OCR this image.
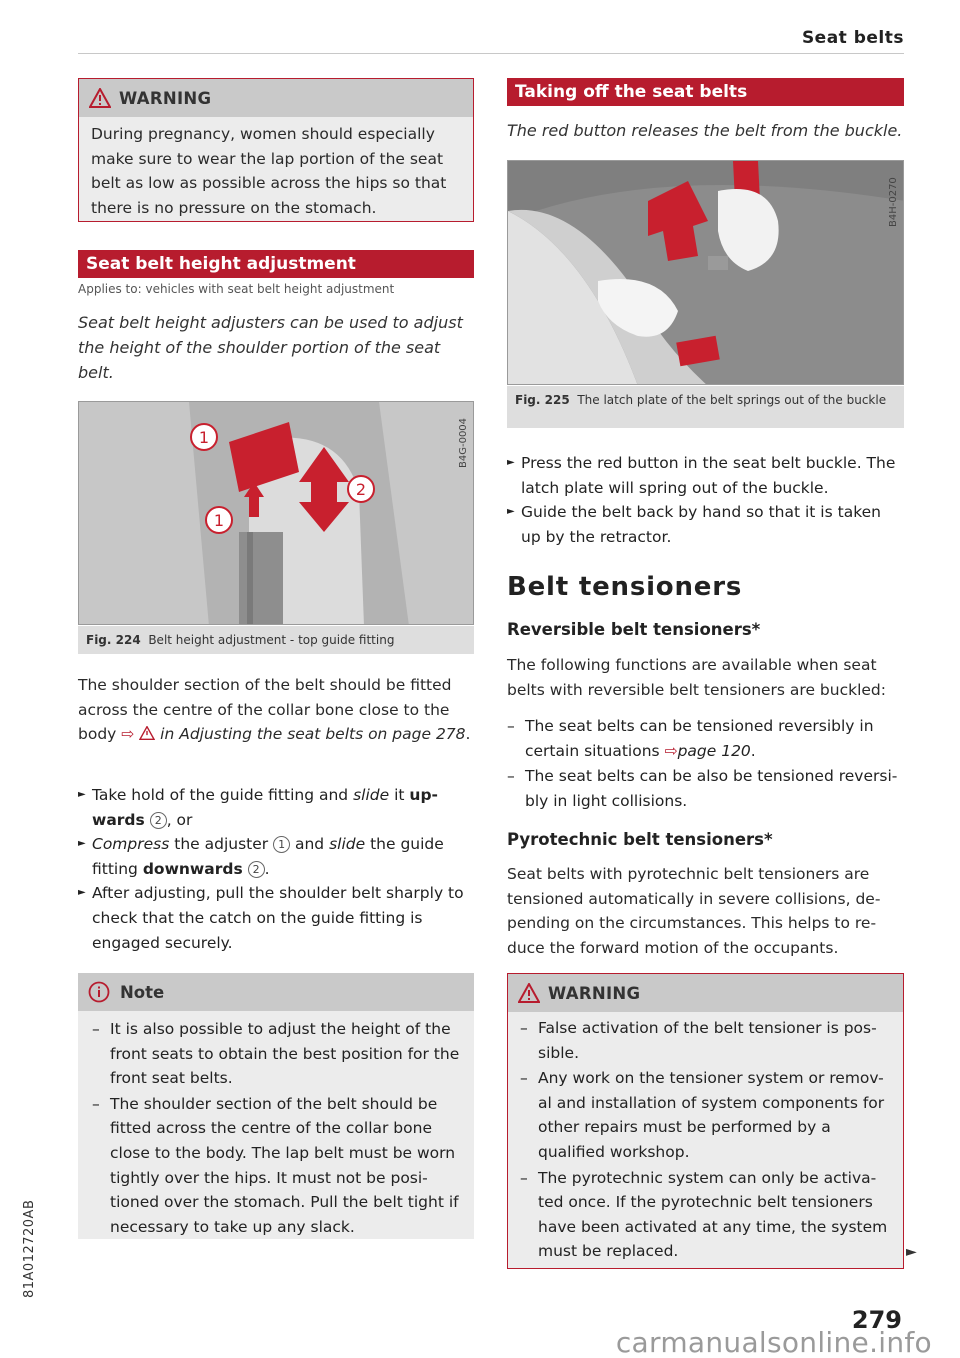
Seat belts
WARNING
During pregnancy, women should especially make sure to wear the lap portion of the seat belt as low as possible across the hips so that there is no pressure on the stomach.
Seat belt height adjustment
Applies to: vehicles with seat belt height adjustment
Seat belt height adjusters can be used to adjust the height of the shoulder portion of the seat belt.
1
2
1
B4G-0004
Fig. 224 Belt height adjustment - top guide fitting
The shoulder section of the belt should be fitted across the centre of the collar bone close to the body ⇨ in Adjusting the seat belts on page 278.
► Take hold of the guide fitting and slide it up-wards 2 , or
► Compress the adjuster 1 and slide the guide fitting downwards 2 .
► After adjusting, pull the shoulder belt sharply to check that the catch on the guide fitting is engaged securely.
Note
– It is also possible to adjust the height of the front seats to obtain the best position for the front seat belts.
– The shoulder section of the belt should be fitted across the centre of the collar bone close to the body. The lap belt must be worn tightly over the hips. It must not be posi-tioned over the stomach. Pull the belt tight if necessary to take up any slack.
Taking off the seat belts
The red button releases the belt from the buckle.
B4H-0270
Fig. 225 The latch plate of the belt springs out of the buckle
► Press the red button in the seat belt buckle. The latch plate will spring out of the buckle.
► Guide the belt back by hand so that it is taken up by the retractor.
Belt tensioners
Reversible belt tensioners*
The following functions are available when seat belts with reversible belt tensioners are buckled:
– The seat belts can be tensioned reversibly in certain situations ⇨page 120.
– The seat belts can be also be tensioned reversi-bly in light collisions.
Pyrotechnic belt tensioners*
Seat belts with pyrotechnic belt tensioners are tensioned automatically in severe collisions, de-pending on the circumstances. This helps to re-duce the forward motion of the occupants.
WARNING
– False activation of the belt tensioner is pos-sible.
– Any work on the tensioner system or remov-al and installation of system components for other repairs must be performed by a qualified workshop.
– The pyrotechnic system can only be activa-ted once. If the pyrotechnic belt tensioners have been activated at any time, the system must be replaced.	►
81A012720AB
279
carmanualsonline.info
